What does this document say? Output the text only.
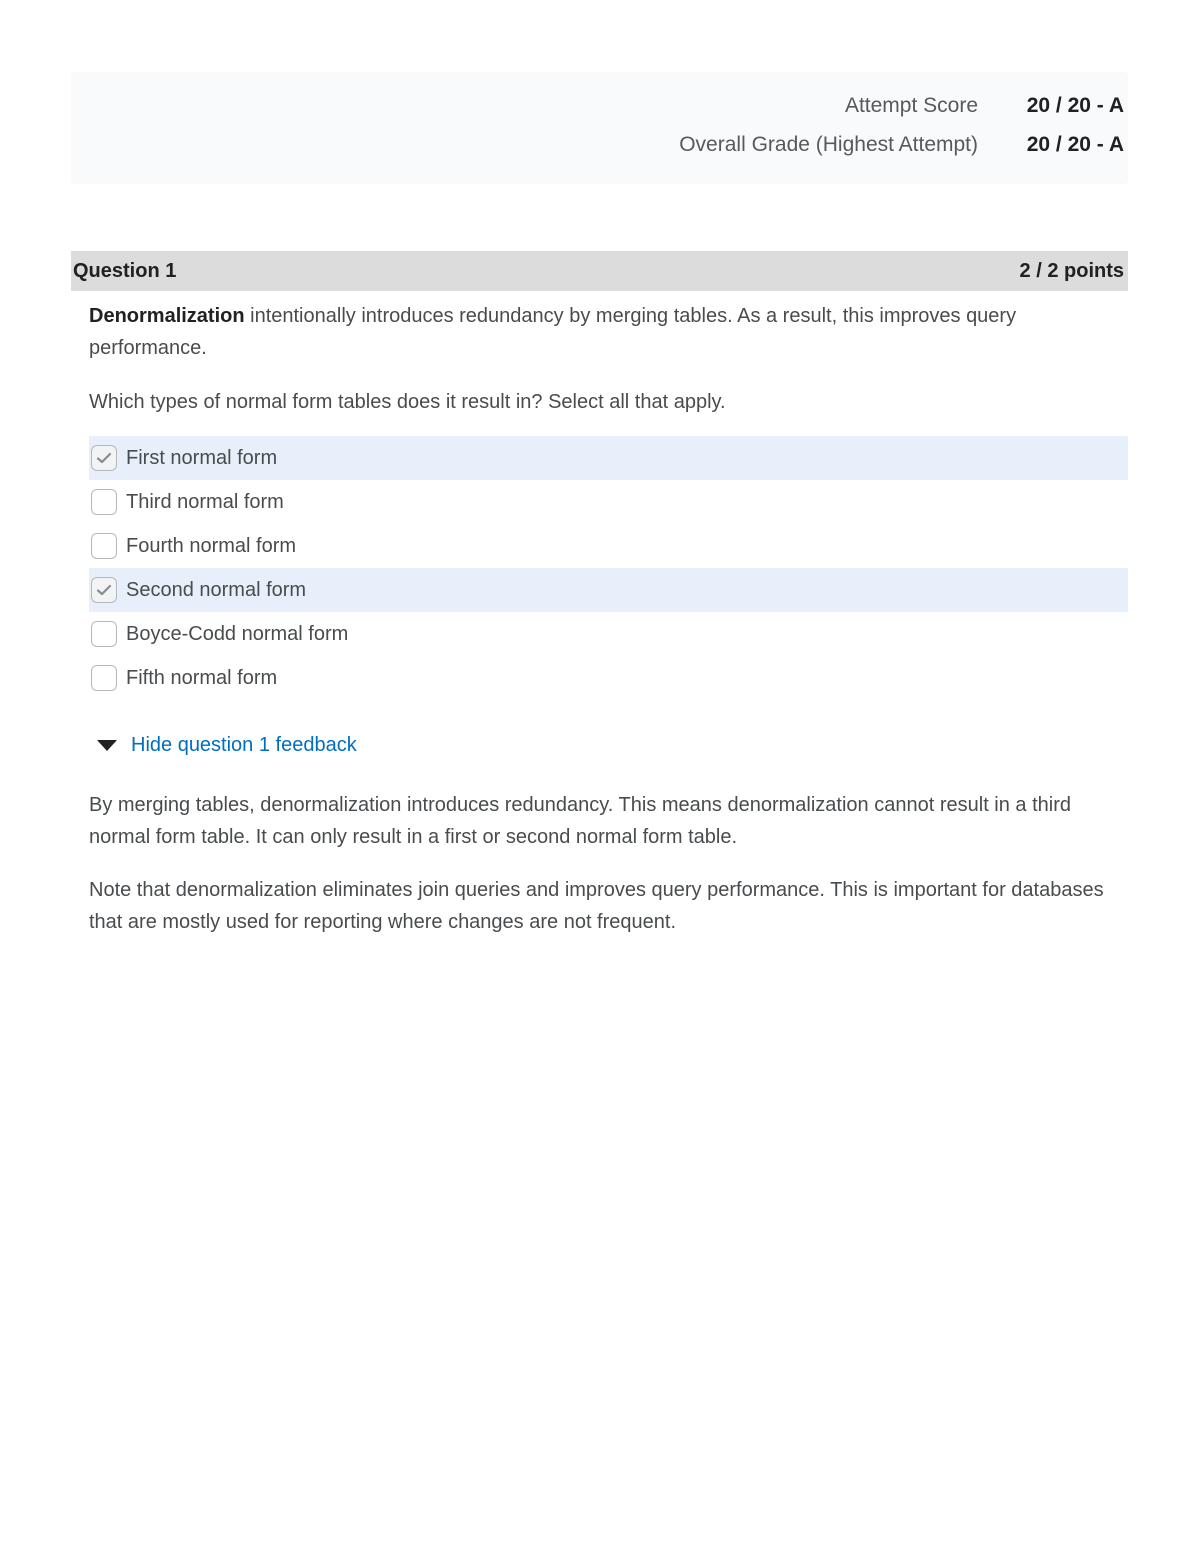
Attempt Score	20 / 20 - A
Overall Grade (Highest Attempt)	20 / 20 - A
Question 1	2 / 2 points

Denormalization intentionally introduces redundancy by merging tables. As a result, this improves query performance.

Which types of normal form tables does it result in? Select all that apply.

First normal form
Third normal form
Fourth normal form
Second normal form
Boyce-Codd normal form
Fifth normal form
Hide question 1 feedback

By merging tables, denormalization introduces redundancy. This means denormalization cannot result in a third normal form table. It can only result in a first or second normal form table.

Note that denormalization eliminates join queries and improves query performance. This is important for databases that are mostly used for reporting where changes are not frequent.
